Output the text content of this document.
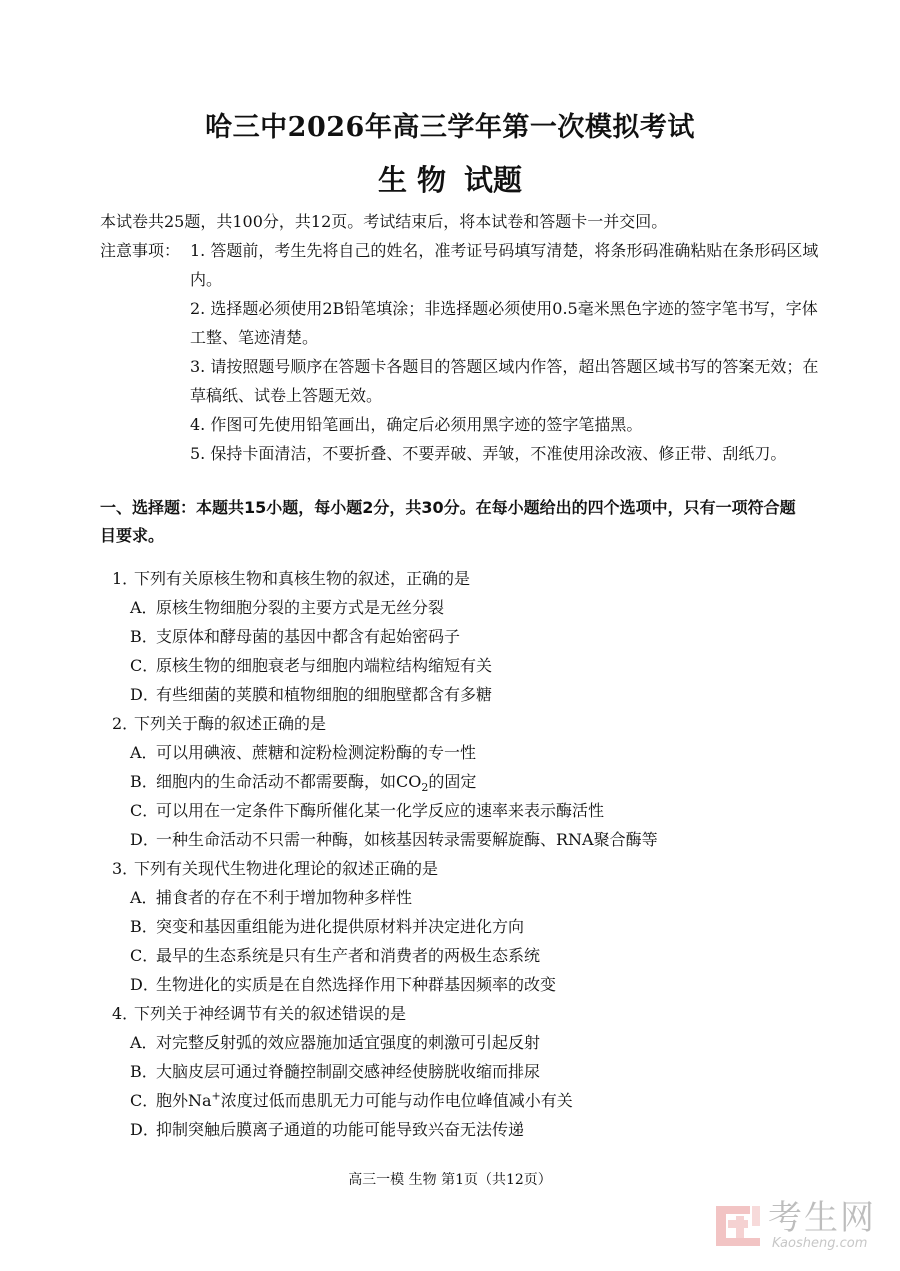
哈三中2026年高三学年第一次模拟考试
生物 试题
本试卷共25题，共100分，共12页。考试结束后，将本试卷和答题卡一并交回。
注意事项： 1. 答题前，考生先将自己的姓名，准考证号码填写清楚，将条形码准确粘贴在条形码区域内。
2. 选择题必须使用2B铅笔填涂；非选择题必须使用0.5毫米黑色字迹的签字笔书写，字体工整、笔迹清楚。
3. 请按照题号顺序在答题卡各题目的答题区域内作答，超出答题区域书写的答案无效；在草稿纸、试卷上答题无效。
4. 作图可先使用铅笔画出，确定后必须用黑字迹的签字笔描黑。
5. 保持卡面清洁，不要折叠、不要弄破、弄皱，不准使用涂改液、修正带、刮纸刀。
一、选择题：本题共15小题，每小题2分，共30分。在每小题给出的四个选项中，只有一项符合题目要求。
1．下列有关原核生物和真核生物的叙述，正确的是
A．原核生物细胞分裂的主要方式是无丝分裂
B．支原体和酵母菌的基因中都含有起始密码子
C．原核生物的细胞衰老与细胞内端粒结构缩短有关
D．有些细菌的荚膜和植物细胞的细胞壁都含有多糖
2．下列关于酶的叙述正确的是
A．可以用碘液、蔗糖和淀粉检测淀粉酶的专一性
B．细胞内的生命活动不都需要酶，如$CO_2$的固定
C．可以用在一定条件下酶所催化某一化学反应的速率来表示酶活性
D．一种生命活动不只需一种酶，如核基因转录需要解旋酶、RNA聚合酶等
3．下列有关现代生物进化理论的叙述正确的是
A．捕食者的存在不利于增加物种多样性
B．突变和基因重组能为进化提供原材料并决定进化方向
C．最早的生态系统是只有生产者和消费者的两极生态系统
D．生物进化的实质是在自然选择作用下种群基因频率的改变
4．下列关于神经调节有关的叙述错误的是
A．对完整反射弧的效应器施加适宜强度的刺激可引起反射
B．大脑皮层可通过脊髓控制副交感神经使膀胱收缩而排尿
C．胞外Na+浓度过低而患肌无力可能与动作电位峰值减小有关
D．抑制突触后膜离子通道的功能可能导致兴奋无法传递
高三一模 生物 第1页（共12页）
考生网
Kaosheng.com
